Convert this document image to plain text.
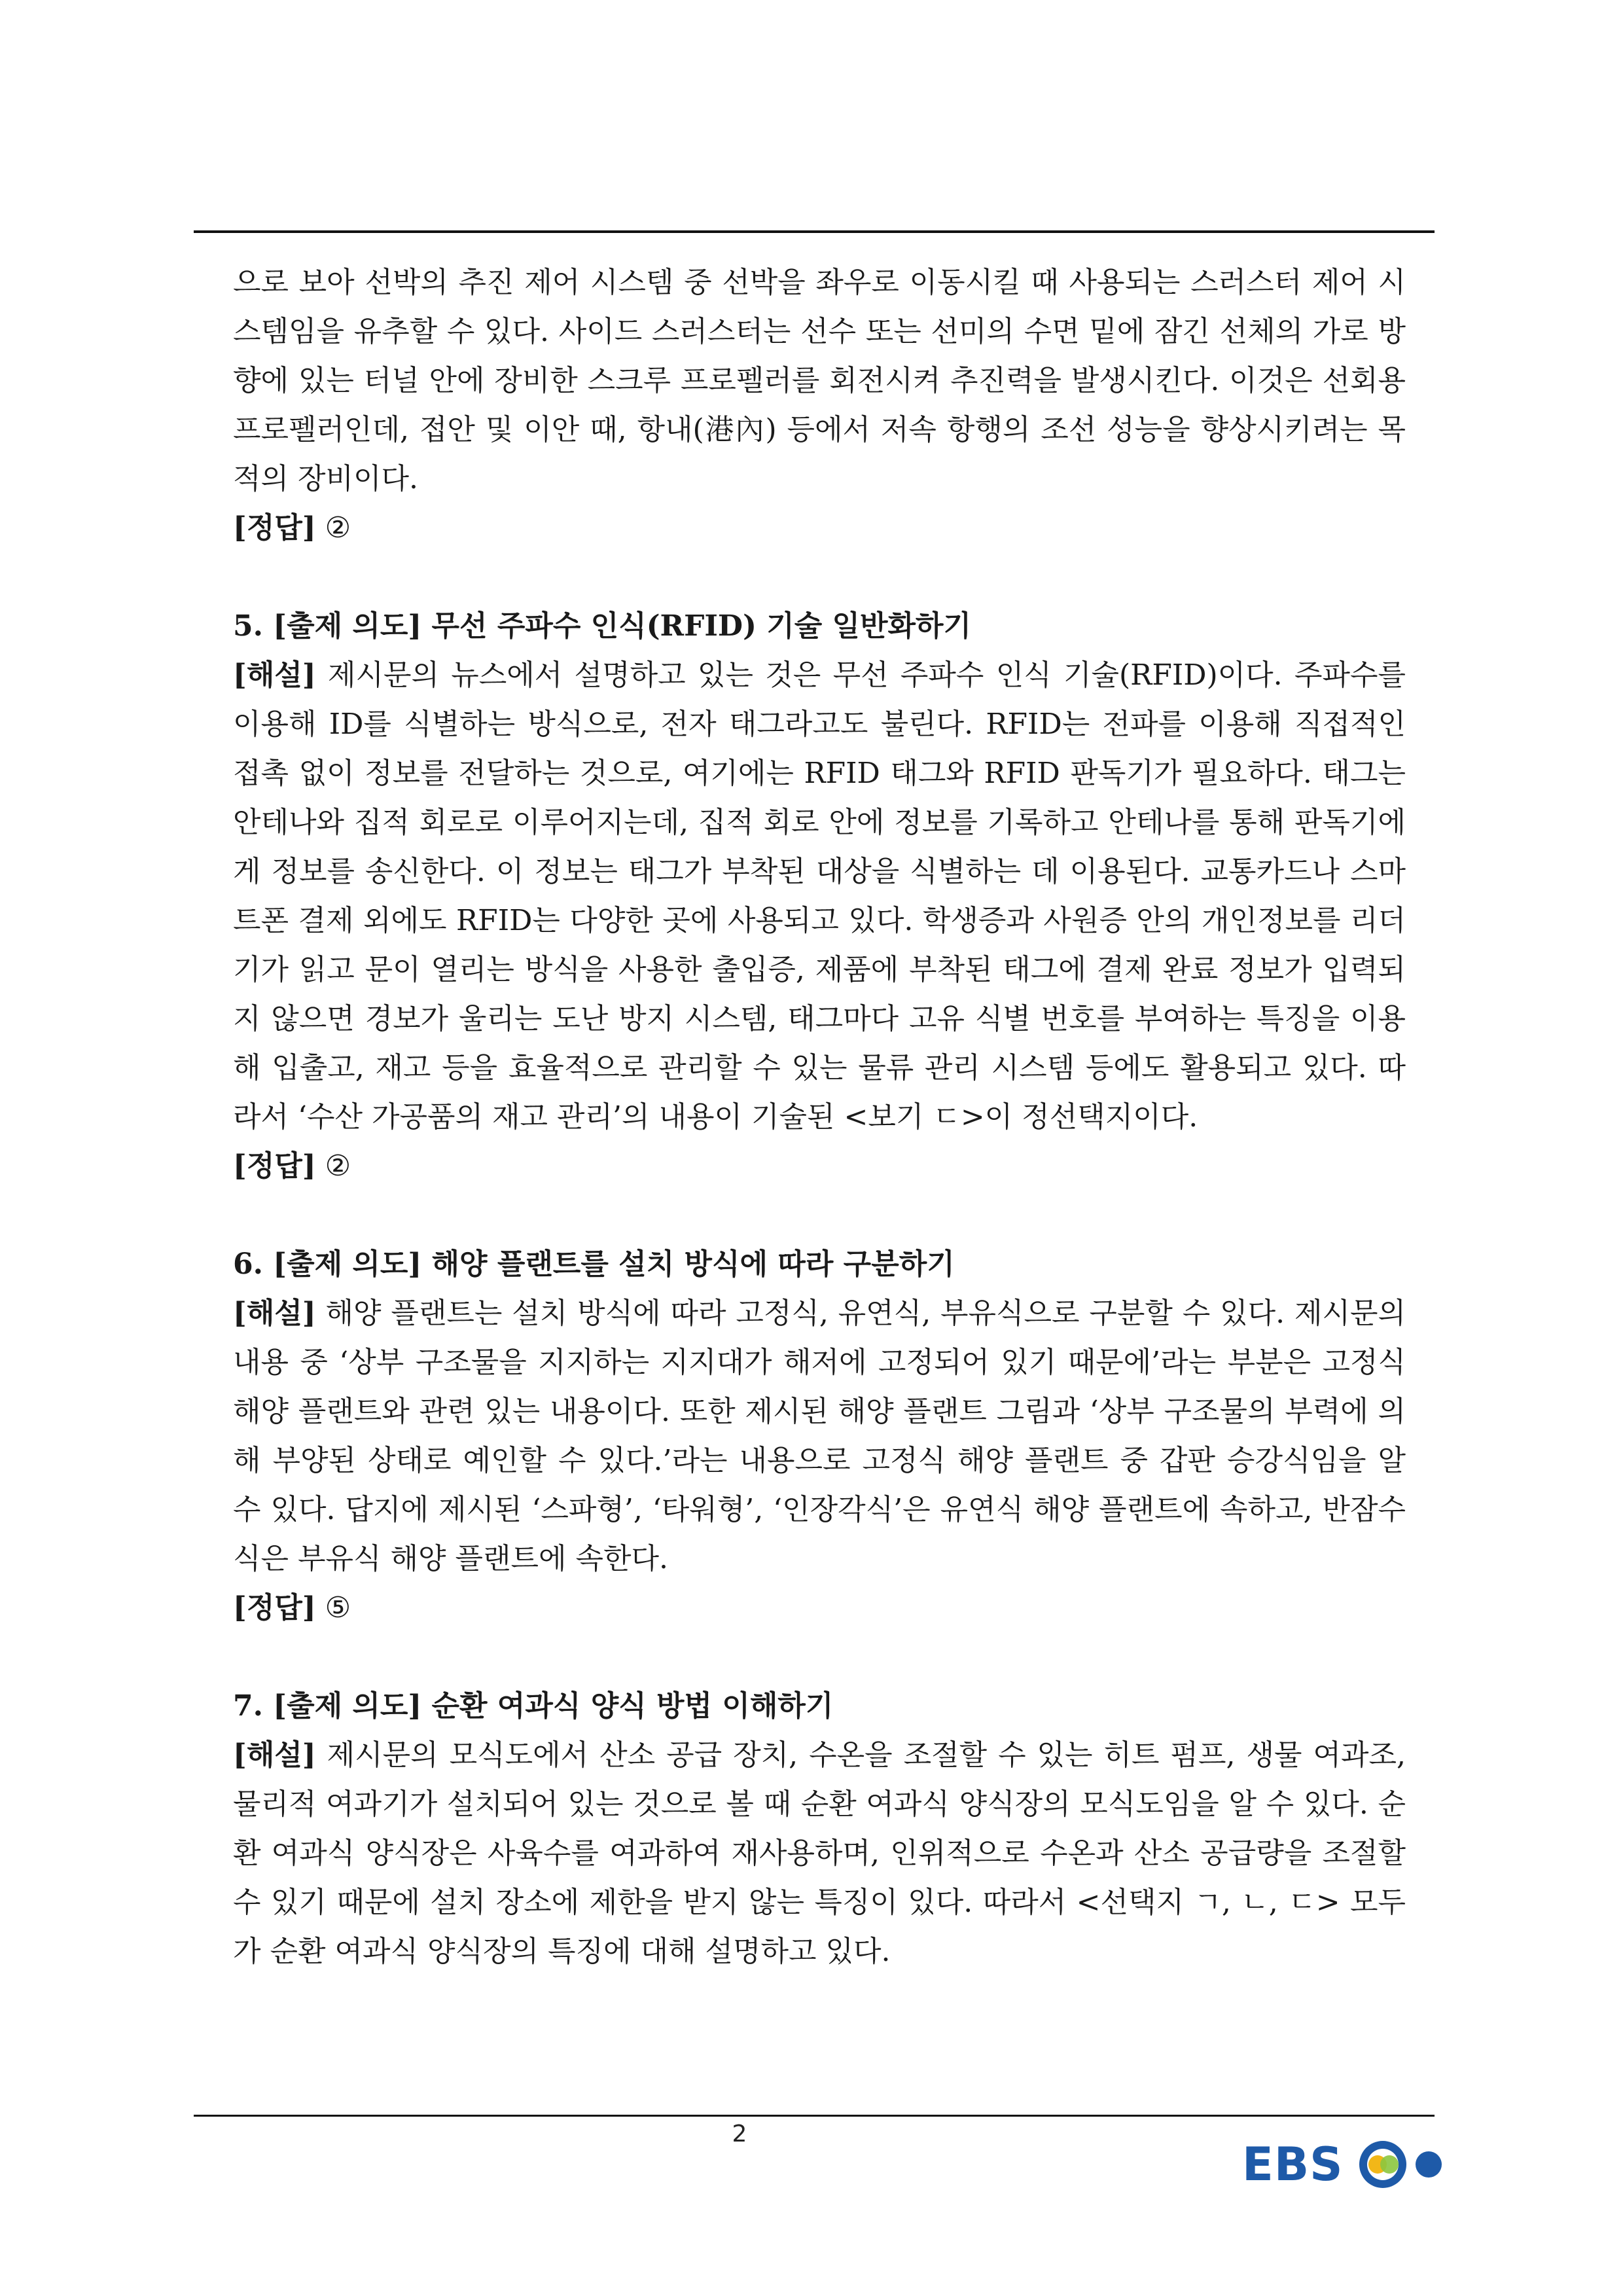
으로 보아 선박의 추진 제어 시스템 중 선박을 좌우로 이동시킬 때 사용되는 스러스터 제어 시스템임을 유추할 수 있다. 사이드 스러스터는 선수 또는 선미의 수면 밑에 잠긴 선체의 가로 방향에 있는 터널 안에 장비한 스크루 프로펠러를 회전시켜 추진력을 발생시킨다. 이것은 선회용 프로펠러인데, 접안 및 이안 때, 항내(港內) 등에서 저속 항행의 조선 성능을 향상시키려는 목적의 장비이다.

[정답] ②

5. [출제 의도] 무선 주파수 인식(RFID) 기술 일반화하기

[해설] 제시문의 뉴스에서 설명하고 있는 것은 무선 주파수 인식 기술(RFID)이다. 주파수를 이용해 ID를 식별하는 방식으로, 전자 태그라고도 불린다. RFID는 전파를 이용해 직접적인 접촉 없이 정보를 전달하는 것으로, 여기에는 RFID 태그와 RFID 판독기가 필요하다. 태그는 안테나와 집적 회로로 이루어지는데, 집적 회로 안에 정보를 기록하고 안테나를 통해 판독기에게 정보를 송신한다. 이 정보는 태그가 부착된 대상을 식별하는 데 이용된다. 교통카드나 스마트폰 결제 외에도 RFID는 다양한 곳에 사용되고 있다. 학생증과 사원증 안의 개인정보를 리더기가 읽고 문이 열리는 방식을 사용한 출입증, 제품에 부착된 태그에 결제 완료 정보가 입력되지 않으면 경보가 울리는 도난 방지 시스템, 태그마다 고유 식별 번호를 부여하는 특징을 이용해 입출고, 재고 등을 효율적으로 관리할 수 있는 물류 관리 시스템 등에도 활용되고 있다. 따라서 ‘수산 가공품의 재고 관리’의 내용이 기술된 <보기 ㄷ>이 정선택지이다.

[정답] ②

6. [출제 의도] 해양 플랜트를 설치 방식에 따라 구분하기

[해설] 해양 플랜트는 설치 방식에 따라 고정식, 유연식, 부유식으로 구분할 수 있다. 제시문의 내용 중 ‘상부 구조물을 지지하는 지지대가 해저에 고정되어 있기 때문에’라는 부분은 고정식 해양 플랜트와 관련 있는 내용이다. 또한 제시된 해양 플랜트 그림과 ‘상부 구조물의 부력에 의해 부양된 상태로 예인할 수 있다.’라는 내용으로 고정식 해양 플랜트 중 갑판 승강식임을 알 수 있다. 답지에 제시된 ‘스파형’, ‘타워형’, ‘인장각식’은 유연식 해양 플랜트에 속하고, 반잠수식은 부유식 해양 플랜트에 속한다.

[정답] ⑤

7. [출제 의도] 순환 여과식 양식 방법 이해하기

[해설] 제시문의 모식도에서 산소 공급 장치, 수온을 조절할 수 있는 히트 펌프, 생물 여과조, 물리적 여과기가 설치되어 있는 것으로 볼 때 순환 여과식 양식장의 모식도임을 알 수 있다. 순환 여과식 양식장은 사육수를 여과하여 재사용하며, 인위적으로 수온과 산소 공급량을 조절할 수 있기 때문에 설치 장소에 제한을 받지 않는 특징이 있다. 따라서 <선택지 ㄱ, ㄴ, ㄷ> 모두가 순환 여과식 양식장의 특징에 대해 설명하고 있다.

2
EBS
